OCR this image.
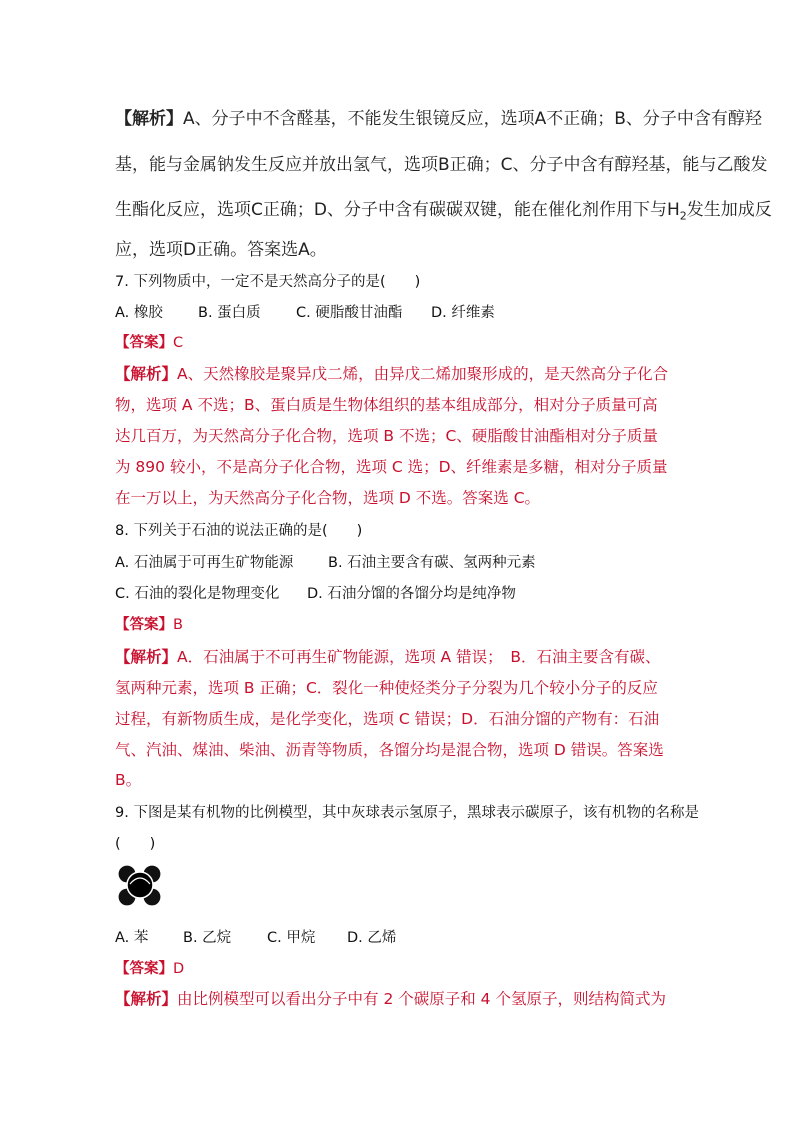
【解析】A、分子中不含醛基，不能发生银镜反应，选项A不正确；B、分子中含有醇羟
基，能与金属钠发生反应并放出氢气，选项B正确；C、分子中含有醇羟基，能与乙酸发
生酯化反应，选项C正确；D、分子中含有碳碳双键，能在催化剂作用下与$H_2$发生加成反
应，选项D正确。答案选A。
7. 下列物质中，一定不是天然高分子的是(　　)
A. 橡胶 B. 蛋白质 C. 硬脂酸甘油酯 D. 纤维素
【答案】C
【解析】A、天然橡胶是聚异戊二烯，由异戊二烯加聚形成的，是天然高分子化合
物，选项 A 不选；B、蛋白质是生物体组织的基本组成部分，相对分子质量可高
达几百万，为天然高分子化合物，选项 B 不选；C、硬脂酸甘油酯相对分子质量
为 890 较小，不是高分子化合物，选项 C 选；D、纤维素是多糖，相对分子质量
在一万以上，为天然高分子化合物，选项 D 不选。答案选 C。
8. 下列关于石油的说法正确的是(　　)
A. 石油属于可再生矿物能源 B. 石油主要含有碳、氢两种元素
C. 石油的裂化是物理变化 D. 石油分馏的各馏分均是纯净物
【答案】B
【解析】A．石油属于不可再生矿物能源，选项 A 错误；　B．石油主要含有碳、
氢两种元素，选项 B 正确；C．裂化一种使烃类分子分裂为几个较小分子的反应
过程，有新物质生成，是化学变化，选项 C 错误；D．石油分馏的产物有：石油
气、汽油、煤油、柴油、沥青等物质，各馏分均是混合物，选项 D 错误。答案选
B。
9. 下图是某有机物的比例模型，其中灰球表示氢原子，黑球表示碳原子，该有机物的名称是
(　　)
A. 苯 B. 乙烷 C. 甲烷 D. 乙烯
【答案】D
【解析】由比例模型可以看出分子中有 2 个碳原子和 4 个氢原子，则结构简式为
